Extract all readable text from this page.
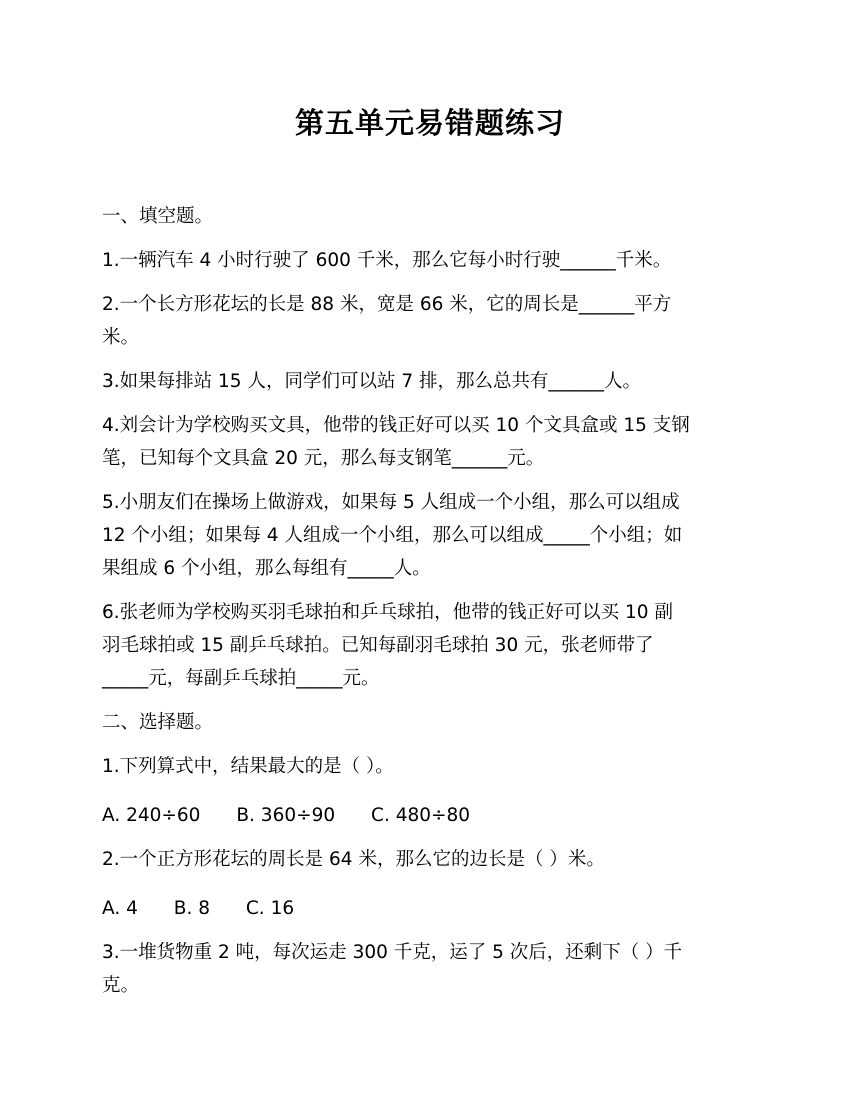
第五单元易错题练习
一、填空题。
1.一辆汽车 4 小时行驶了 600 千米，那么它每小时行驶______千米。
2.一个长方形花坛的长是 88 米，宽是 66 米，它的周长是______平方
米。
3.如果每排站 15 人，同学们可以站 7 排，那么总共有______人。
4.刘会计为学校购买文具，他带的钱正好可以买 10 个文具盒或 15 支钢
笔，已知每个文具盒 20 元，那么每支钢笔______元。
5.小朋友们在操场上做游戏，如果每 5 人组成一个小组，那么可以组成
12 个小组；如果每 4 人组成一个小组，那么可以组成_____个小组；如
果组成 6 个小组，那么每组有_____人。
6.张老师为学校购买羽毛球拍和乒乓球拍，他带的钱正好可以买 10 副
羽毛球拍或 15 副乒乓球拍。已知每副羽毛球拍 30 元，张老师带了
_____元，每副乒乓球拍_____元。
二、选择题。
1.下列算式中，结果最大的是（ ）。
A. 240÷60 B. 360÷90 C. 480÷80
2.一个正方形花坛的周长是 64 米，那么它的边长是（ ）米。
A. 4 B. 8 C. 16
3.一堆货物重 2 吨，每次运走 300 千克，运了 5 次后，还剩下（ ）千
克。
